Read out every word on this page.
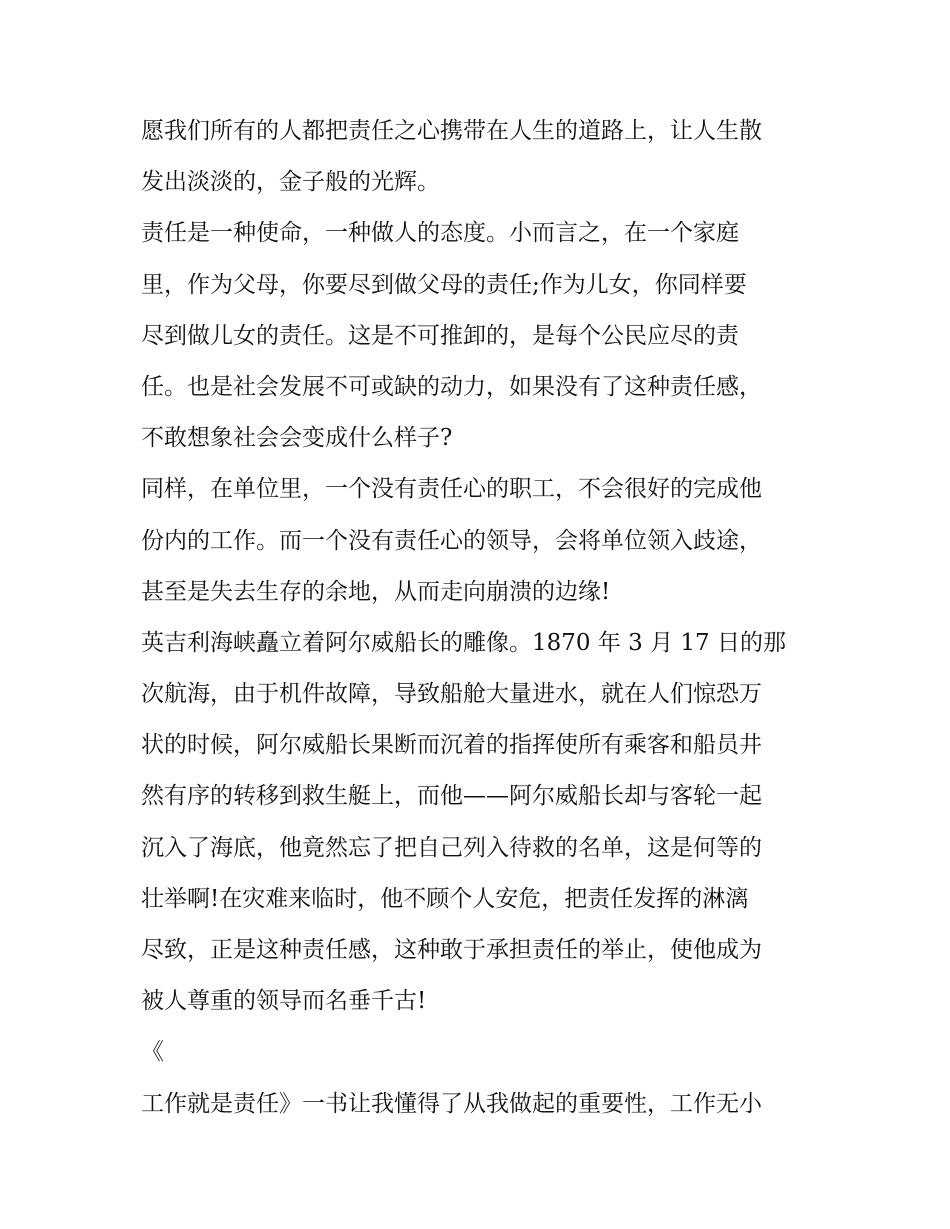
愿我们所有的人都把责任之心携带在人生的道路上，让人生散
发出淡淡的，金子般的光辉。
责任是一种使命，一种做人的态度。小而言之，在一个家庭
里，作为父母，你要尽到做父母的责任;作为儿女，你同样要
尽到做儿女的责任。这是不可推卸的，是每个公民应尽的责
任。也是社会发展不可或缺的动力，如果没有了这种责任感，
不敢想象社会会变成什么样子?
同样，在单位里，一个没有责任心的职工，不会很好的完成他
份内的工作。而一个没有责任心的领导，会将单位领入歧途，
甚至是失去生存的余地，从而走向崩溃的边缘!
英吉利海峡矗立着阿尔威船长的雕像。1870 年 3 月 17 日的那
次航海，由于机件故障，导致船舱大量进水，就在人们惊恐万
状的时候，阿尔威船长果断而沉着的指挥使所有乘客和船员井
然有序的转移到救生艇上，而他——阿尔威船长却与客轮一起
沉入了海底，他竟然忘了把自己列入待救的名单，这是何等的
壮举啊!在灾难来临时，他不顾个人安危，把责任发挥的淋漓
尽致，正是这种责任感，这种敢于承担责任的举止，使他成为
被人尊重的领导而名垂千古!
《
工作就是责任》一书让我懂得了从我做起的重要性，工作无小
